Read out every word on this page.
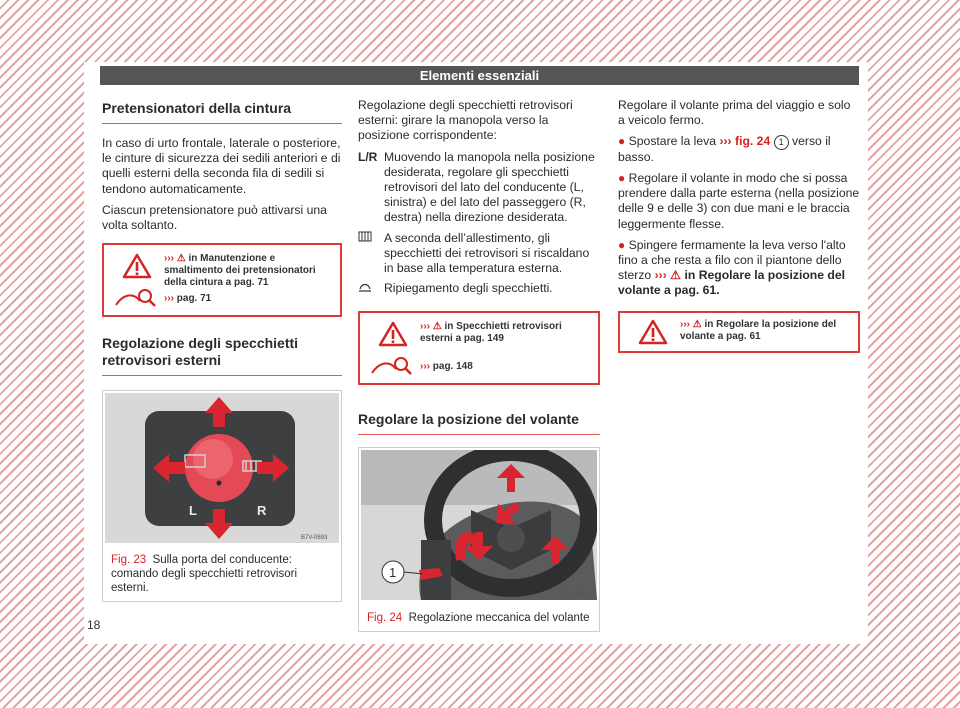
Elementi essenziali
Pretensionatori della cintura

In caso di urto frontale, laterale o posteriore, le cinture di sicurezza dei sedili anteriori e di quelli esterni della seconda fila di sedili si tendono automaticamente.

Ciascun pretensionatore può attivarsi una volta soltanto.

››› ⚠ in Manutenzione e smaltimento dei pretensionatori della cintura a pag. 71
››› pag. 71
Regolazione degli specchietti retrovisori esterni
L	R
B7V-0693
Fig. 23 Sulla porta del conducente: comando degli specchietti retrovisori esterni.

Regolazione degli specchietti retrovisori esterni: girare la manopola verso la posizione corrispondente:

L/R Muovendo la manopola nella posizione desiderata, regolare gli specchietti retrovisori del lato del conducente (L, sinistra) e del lato del passeggero (R, destra) nella direzione desiderata.
A seconda dell’allestimento, gli specchietti dei retrovisori si riscaldano in base alla temperatura esterna.
Ripiegamento degli specchietti.
››› ⚠ in Specchietti retrovisori esterni a pag. 149
››› pag. 148
Regolare la posizione del volante
1
B7V-0850
Fig. 24 Regolazione meccanica del volante

Regolare il volante prima del viaggio e solo a veicolo fermo.

● Spostare la leva ››› fig. 24 1 verso il basso.

● Regolare il volante in modo che si possa prendere dalla parte esterna (nella posizione delle 9 e delle 3) con due mani e le braccia leggermente flesse.

● Spingere fermamente la leva verso l'alto fino a che resta a filo con il piantone dello sterzo ››› ⚠ in Regolare la posizione del volante a pag. 61.

››› ⚠ in Regolare la posizione del volante a pag. 61
18
